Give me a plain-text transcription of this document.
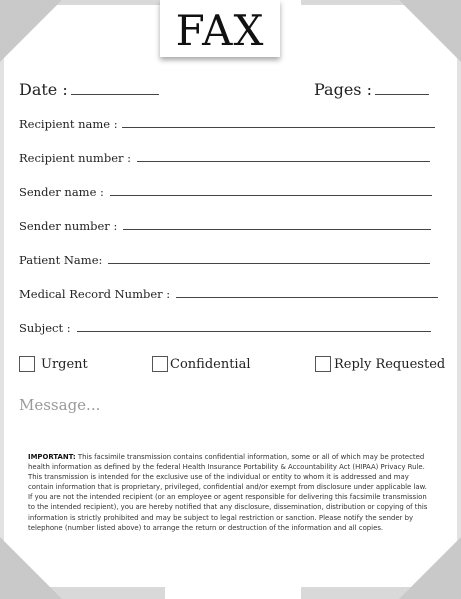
FAX
Date :	Pages :
Recipient name :
Recipient number :
Sender name :
Sender number :
Patient Name:
Medical Record Number :
Subject :
Urgent	Confidential	Reply Requested
Message...
IMPORTANT: This facsimile transmission contains confidential information, some or all of which may be protected health information as defined by the federal Health Insurance Portability & Accountability Act (HIPAA) Privacy Rule. This transmission is intended for the exclusive use of the individual or entity to whom it is addressed and may contain information that is proprietary, privileged, confidential and/or exempt from disclosure under applicable law. If you are not the intended recipient (or an employee or agent responsible for delivering this facsimile transmission to the intended recipient), you are hereby notified that any disclosure, dissemination, distribution or copying of this information is strictly prohibited and may be subject to legal restriction or sanction. Please notify the sender by telephone (number listed above) to arrange the return or destruction of the information and all copies.
